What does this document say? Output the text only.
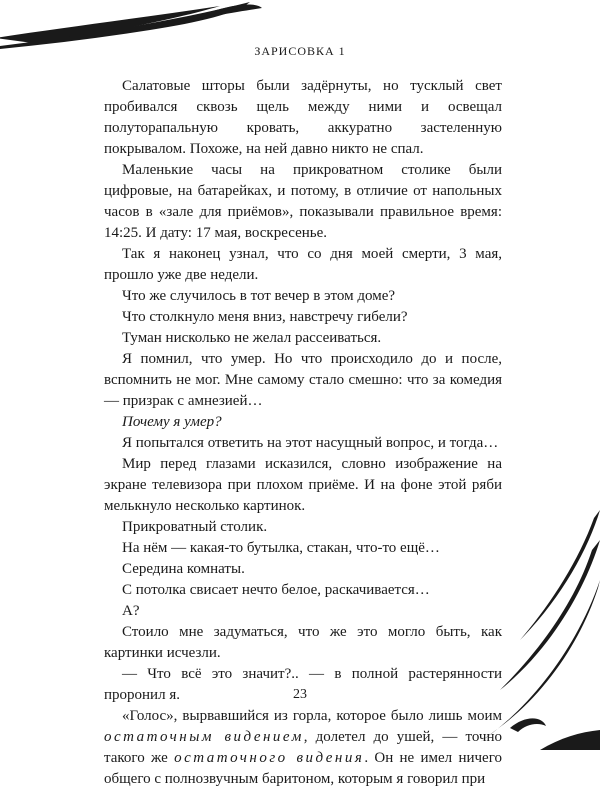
ЗАРИСОВКА 1

Салатовые шторы были задёрнуты, но тусклый свет пробивался сквозь щель между ними и освещал полуторапальную кровать, аккуратно застеленную покрывалом. Похоже, на ней давно никто не спал.

Маленькие часы на прикроватном столике были цифровые, на батарейках, и потому, в отличие от напольных часов в «зале для приёмов», показывали правильное время: 14:25. И дату: 17 мая, воскресенье.

Так я наконец узнал, что со дня моей смерти, 3 мая, прошло уже две недели.

Что же случилось в тот вечер в этом доме?

Что столкнуло меня вниз, навстречу гибели?

Туман нисколько не желал рассеиваться.

Я помнил, что умер. Но что происходило до и после, вспомнить не мог. Мне самому стало смешно: что за комедия — призрак с амнезией…

Почему я умер?

Я попытался ответить на этот насущный вопрос, и тогда…

Мир перед глазами исказился, словно изображение на экране телевизора при плохом приёме. И на фоне этой ряби мелькнуло несколько картинок.

Прикроватный столик.

На нём — какая-то бутылка, стакан, что-то ещё…

Середина комнаты.

С потолка свисает нечто белое, раскачивается…

А?

Стоило мне задуматься, что же это могло быть, как картинки исчезли.

— Что всё это значит?.. — в полной растерянности проронил я.

«Голос», вырвавшийся из горла, которое было лишь моим остаточным видением, долетел до ушей, — точно такого же остаточного видения. Он не имел ничего общего с полнозвучным баритоном, которым я говорил при

23
